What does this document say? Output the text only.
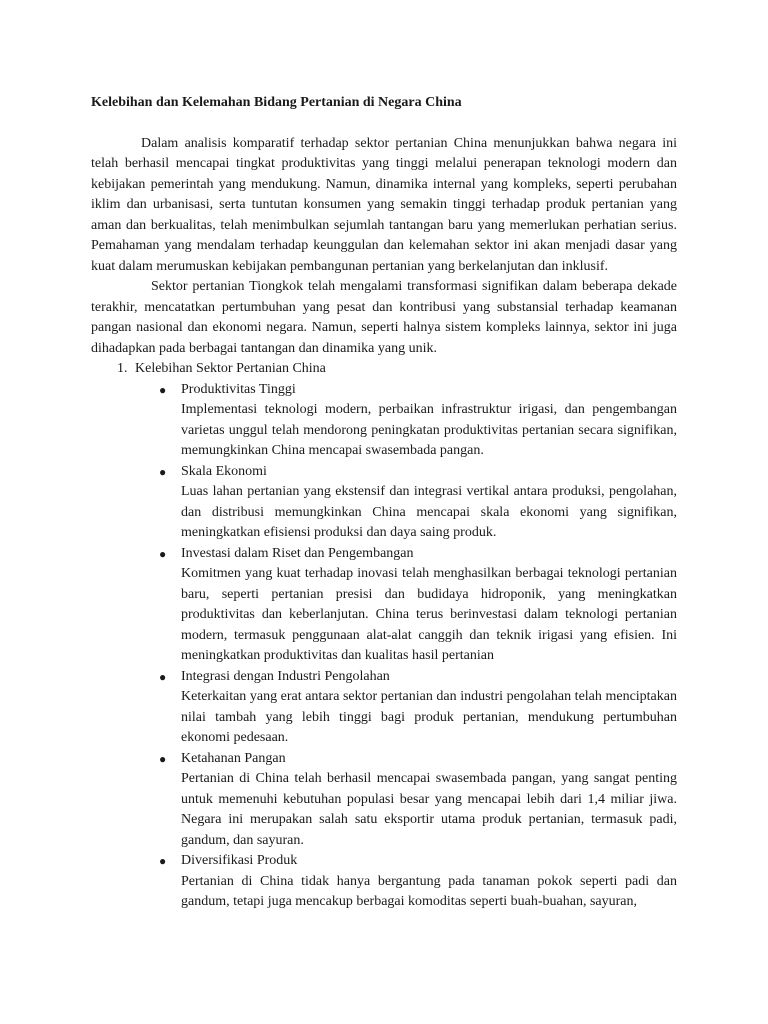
Kelebihan dan Kelemahan Bidang Pertanian di Negara China

Dalam analisis komparatif terhadap sektor pertanian China menunjukkan bahwa negara ini telah berhasil mencapai tingkat produktivitas yang tinggi melalui penerapan teknologi modern dan kebijakan pemerintah yang mendukung. Namun, dinamika internal yang kompleks, seperti perubahan iklim dan urbanisasi, serta tuntutan konsumen yang semakin tinggi terhadap produk pertanian yang aman dan berkualitas, telah menimbulkan sejumlah tantangan baru yang memerlukan perhatian serius. Pemahaman yang mendalam terhadap keunggulan dan kelemahan sektor ini akan menjadi dasar yang kuat dalam merumuskan kebijakan pembangunan pertanian yang berkelanjutan dan inklusif.

Sektor pertanian Tiongkok telah mengalami transformasi signifikan dalam beberapa dekade terakhir, mencatatkan pertumbuhan yang pesat dan kontribusi yang substansial terhadap keamanan pangan nasional dan ekonomi negara. Namun, seperti halnya sistem kompleks lainnya, sektor ini juga dihadapkan pada berbagai tantangan dan dinamika yang unik.

1. Kelebihan Sektor Pertanian China
● Produktivitas Tinggi
Implementasi teknologi modern, perbaikan infrastruktur irigasi, dan pengembangan varietas unggul telah mendorong peningkatan produktivitas pertanian secara signifikan, memungkinkan China mencapai swasembada pangan.
● Skala Ekonomi
Luas lahan pertanian yang ekstensif dan integrasi vertikal antara produksi, pengolahan, dan distribusi memungkinkan China mencapai skala ekonomi yang signifikan, meningkatkan efisiensi produksi dan daya saing produk.
● Investasi dalam Riset dan Pengembangan
Komitmen yang kuat terhadap inovasi telah menghasilkan berbagai teknologi pertanian baru, seperti pertanian presisi dan budidaya hidroponik, yang meningkatkan produktivitas dan keberlanjutan. China terus berinvestasi dalam teknologi pertanian modern, termasuk penggunaan alat-alat canggih dan teknik irigasi yang efisien. Ini meningkatkan produktivitas dan kualitas hasil pertanian
● Integrasi dengan Industri Pengolahan
Keterkaitan yang erat antara sektor pertanian dan industri pengolahan telah menciptakan nilai tambah yang lebih tinggi bagi produk pertanian, mendukung pertumbuhan ekonomi pedesaan.
● Ketahanan Pangan
Pertanian di China telah berhasil mencapai swasembada pangan, yang sangat penting untuk memenuhi kebutuhan populasi besar yang mencapai lebih dari 1,4 miliar jiwa. Negara ini merupakan salah satu eksportir utama produk pertanian, termasuk padi, gandum, dan sayuran.
● Diversifikasi Produk
Pertanian di China tidak hanya bergantung pada tanaman pokok seperti padi dan gandum, tetapi juga mencakup berbagai komoditas seperti buah-buahan, sayuran,
